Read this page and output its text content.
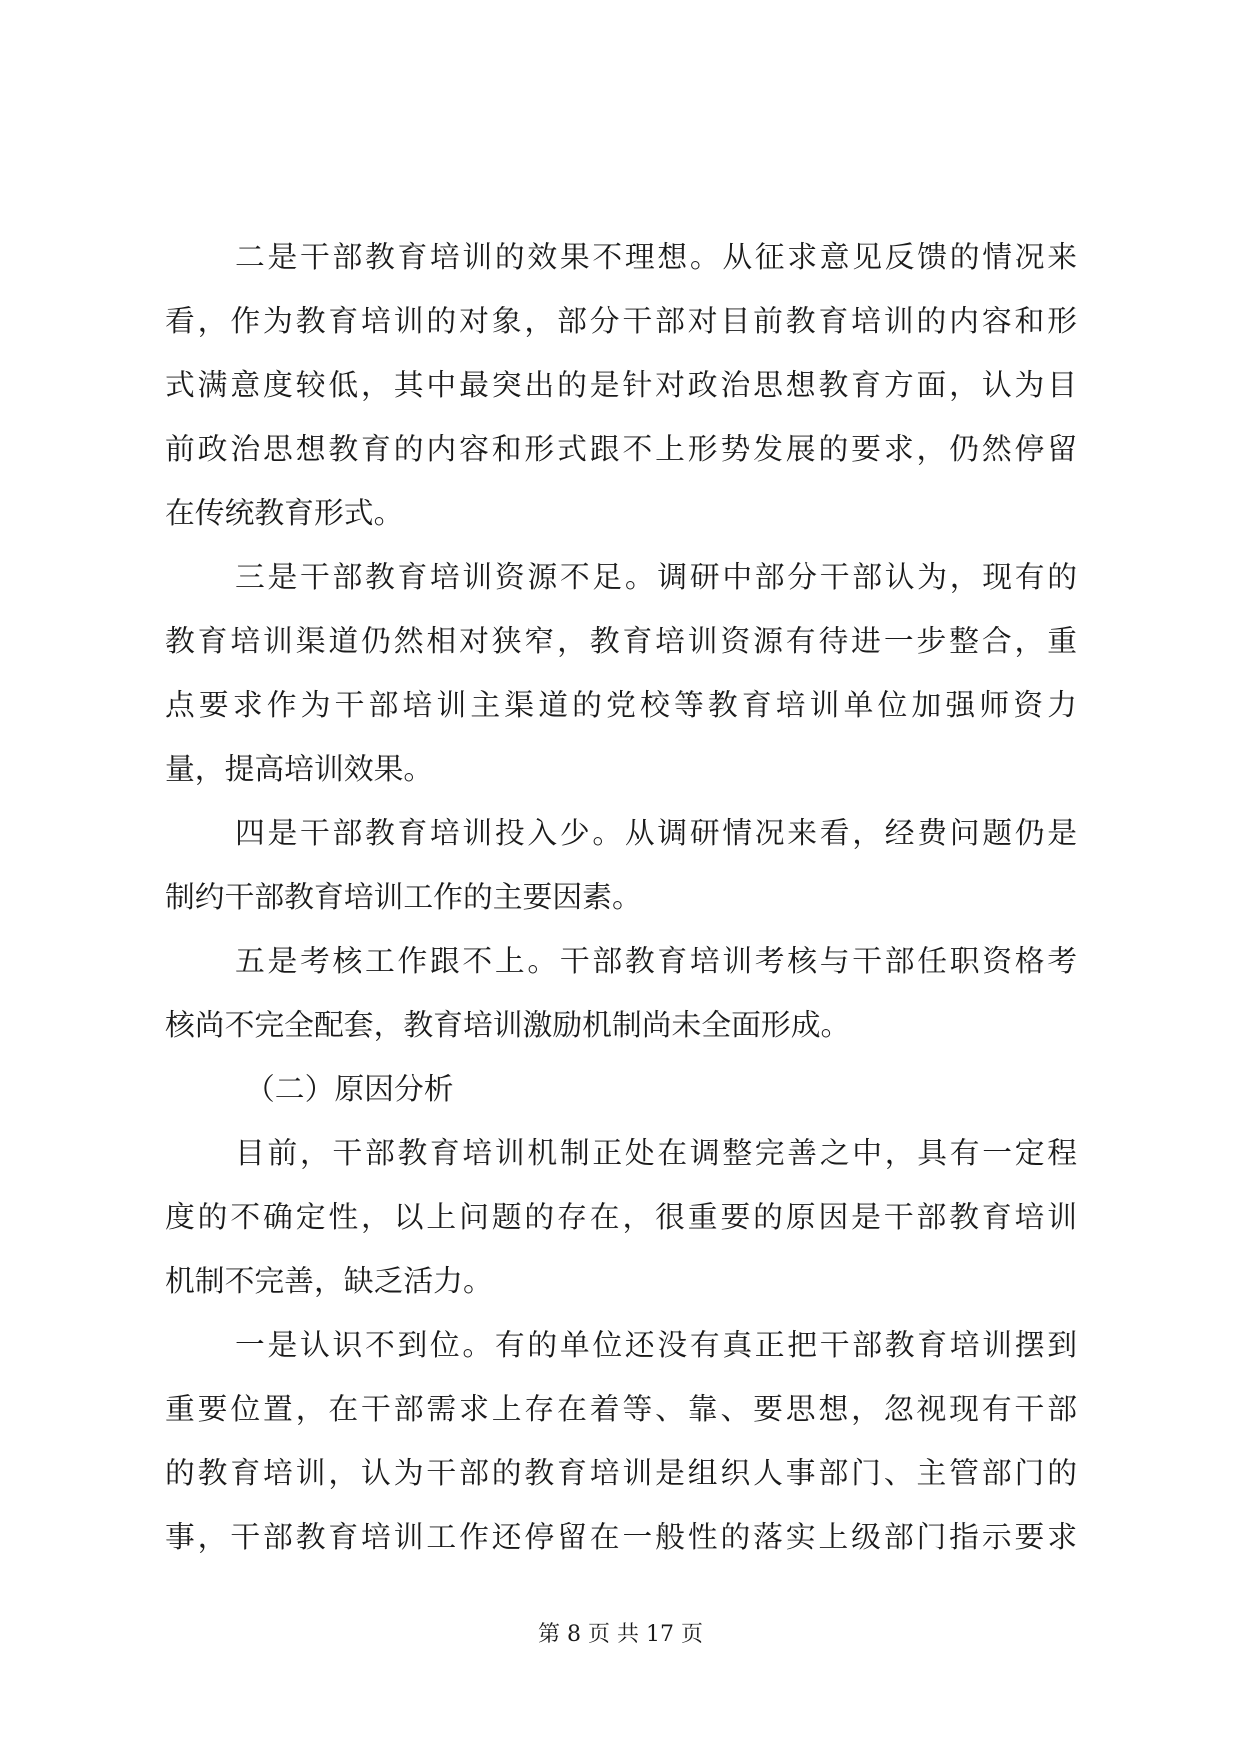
二是干部教育培训的效果不理想。从征求意见反馈的情况来
看，作为教育培训的对象，部分干部对目前教育培训的内容和形
式满意度较低，其中最突出的是针对政治思想教育方面，认为目
前政治思想教育的内容和形式跟不上形势发展的要求，仍然停留
在传统教育形式。
三是干部教育培训资源不足。调研中部分干部认为，现有的
教育培训渠道仍然相对狭窄，教育培训资源有待进一步整合，重
点要求作为干部培训主渠道的党校等教育培训单位加强师资力
量，提高培训效果。
四是干部教育培训投入少。从调研情况来看，经费问题仍是
制约干部教育培训工作的主要因素。
五是考核工作跟不上。干部教育培训考核与干部任职资格考
核尚不完全配套，教育培训激励机制尚未全面形成。
（二）原因分析
目前，干部教育培训机制正处在调整完善之中，具有一定程
度的不确定性，以上问题的存在，很重要的原因是干部教育培训
机制不完善，缺乏活力。
一是认识不到位。有的单位还没有真正把干部教育培训摆到
重要位置，在干部需求上存在着等、靠、要思想，忽视现有干部
的教育培训，认为干部的教育培训是组织人事部门、主管部门的
事，干部教育培训工作还停留在一般性的落实上级部门指示要求
第 8 页 共 17 页
